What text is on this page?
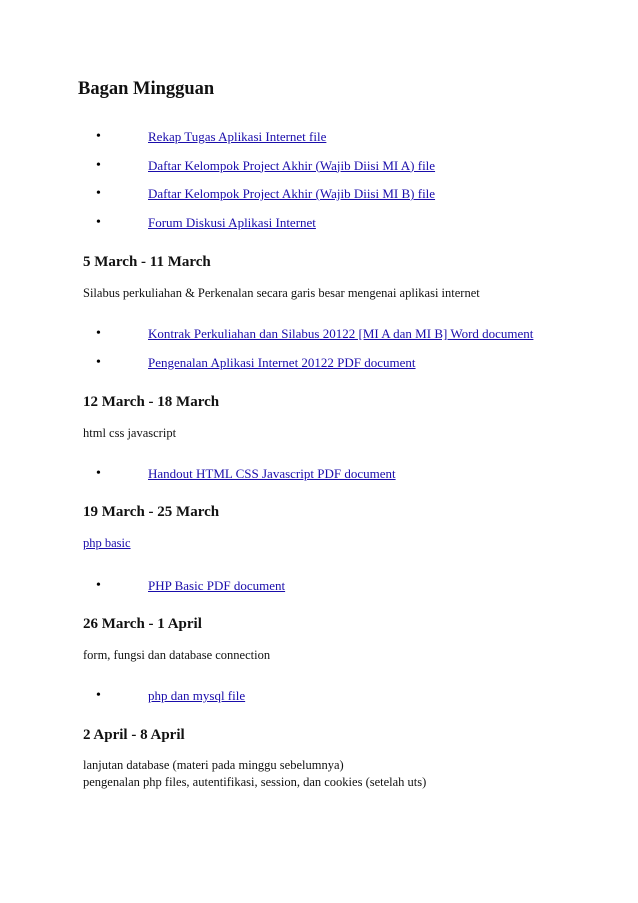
Bagan Mingguan
•	Rekap Tugas Aplikasi Internet file
•	Daftar Kelompok Project Akhir (Wajib Diisi MI A) file
•	Daftar Kelompok Project Akhir (Wajib Diisi MI B) file
•	Forum Diskusi Aplikasi Internet
5 March - 11 March

Silabus perkuliahan & Perkenalan secara garis besar mengenai aplikasi internet

•	Kontrak Perkuliahan dan Silabus 20122 [MI A dan MI B] Word document
•	Pengenalan Aplikasi Internet 20122 PDF document
12 March - 18 March

html css javascript

•	Handout HTML CSS Javascript PDF document
19 March - 25 March

php basic

•	PHP Basic PDF document
26 March - 1 April

form, fungsi dan database connection

•	php dan mysql file
2 April - 8 April

lanjutan database (materi pada minggu sebelumnya)

pengenalan php files, autentifikasi, session, dan cookies (setelah uts)
